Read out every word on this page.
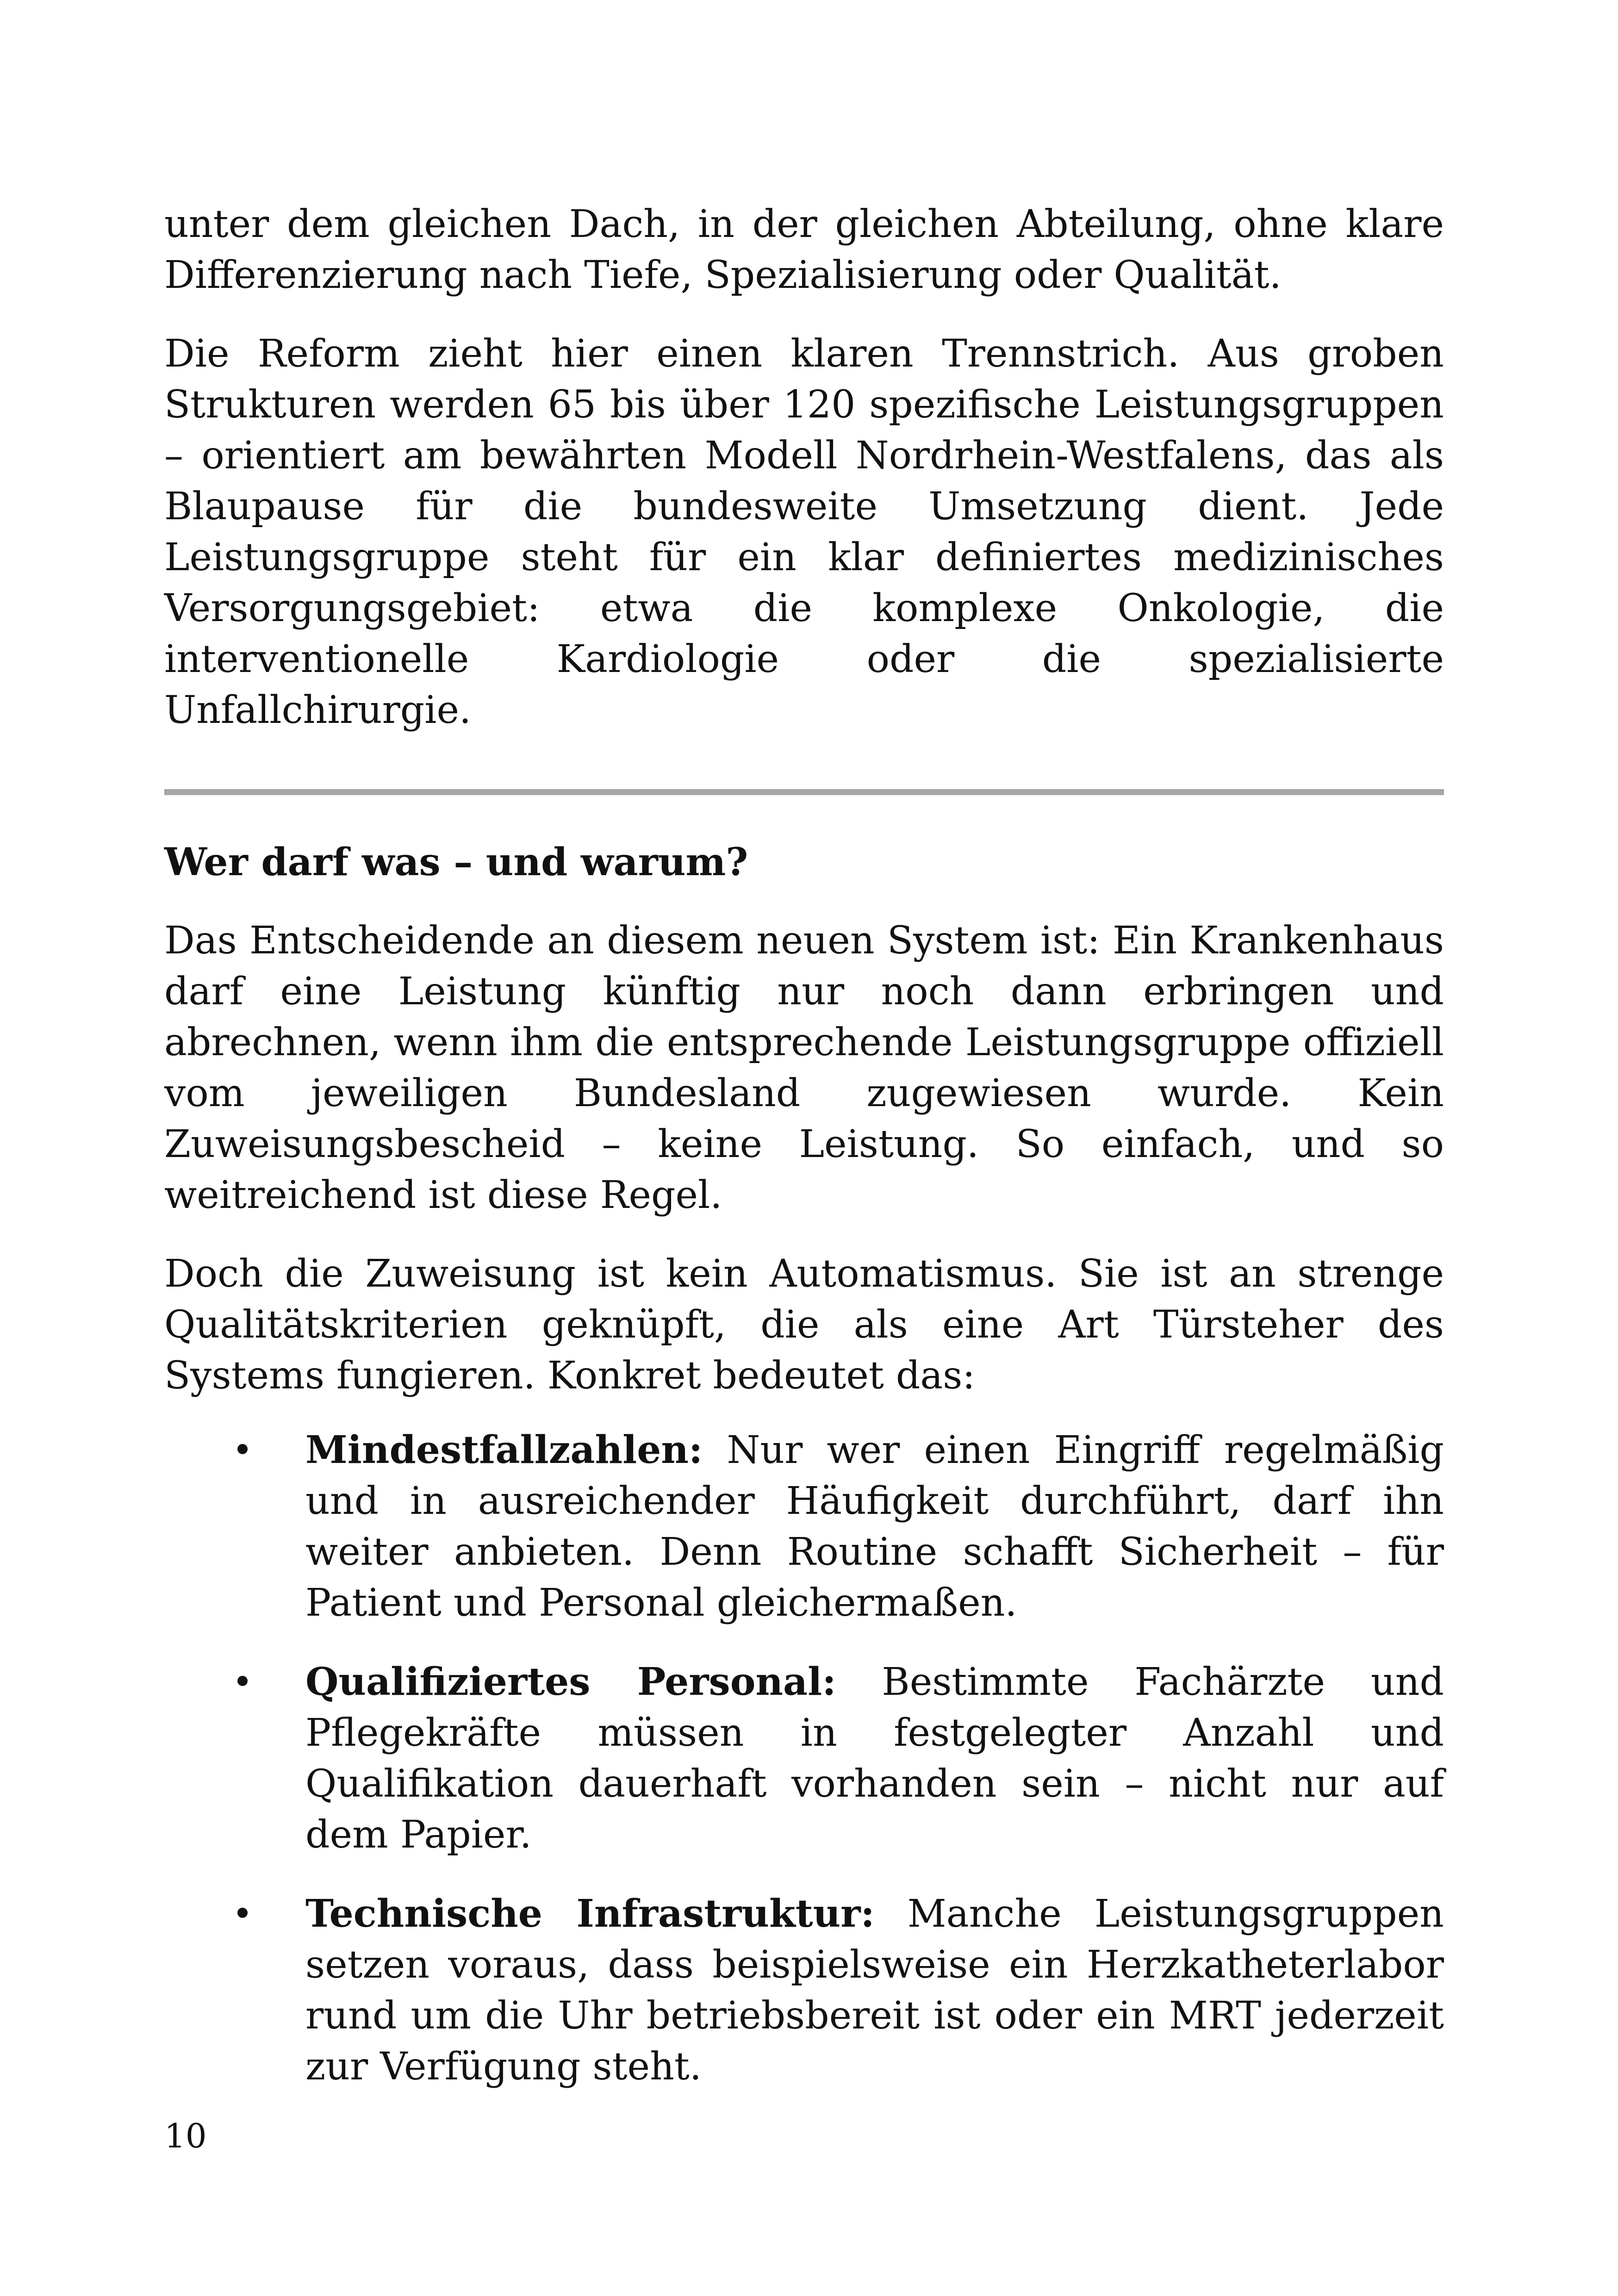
unter dem gleichen Dach, in der gleichen Abteilung, ohne klare Differenzierung nach Tiefe, Spezialisierung oder Qualität.

Die Reform zieht hier einen klaren Trennstrich. Aus groben Strukturen werden 65 bis über 120 spezifische Leistungsgruppen – orientiert am bewährten Modell Nordrhein-Westfalens, das als Blaupause für die bundesweite Umsetzung dient. Jede Leistungsgruppe steht für ein klar definiertes medizinisches Versorgungsgebiet: etwa die komplexe Onkologie, die interventionelle Kardiologie oder die spezialisierte Unfallchirurgie.

Wer darf was – und warum?

Das Entscheidende an diesem neuen System ist: Ein Krankenhaus darf eine Leistung künftig nur noch dann erbringen und abrechnen, wenn ihm die entsprechende Leistungsgruppe offiziell vom jeweiligen Bundesland zugewiesen wurde. Kein Zuweisungsbescheid – keine Leistung. So einfach, und so weitreichend ist diese Regel.

Doch die Zuweisung ist kein Automatismus. Sie ist an strenge Qualitätskriterien geknüpft, die als eine Art Türsteher des Systems fungieren. Konkret bedeutet das:

Mindestfallzahlen: Nur wer einen Eingriff regelmäßig und in ausreichender Häufigkeit durchführt, darf ihn weiter anbieten. Denn Routine schafft Sicherheit – für Patient und Personal gleichermaßen.
Qualifiziertes Personal: Bestimmte Fachärzte und Pflegekräfte müssen in festgelegter Anzahl und Qualifikation dauerhaft vorhanden sein – nicht nur auf dem Papier.
Technische Infrastruktur: Manche Leistungsgruppen setzen voraus, dass beispielsweise ein Herzkatheterlabor rund um die Uhr betriebsbereit ist oder ein MRT jederzeit zur Verfügung steht.

10
